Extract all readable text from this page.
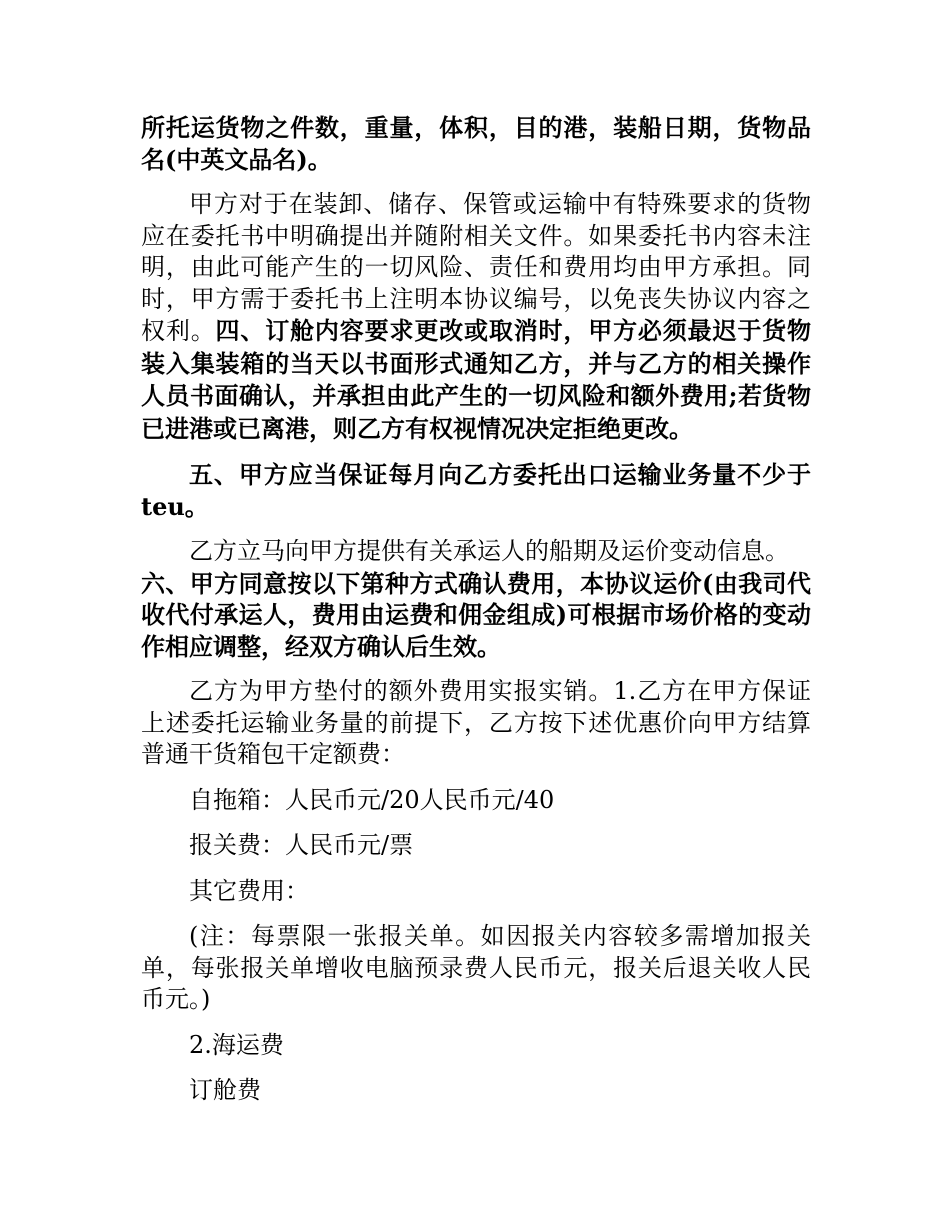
所托运货物之件数，重量，体积，目的港，装船日期，货物品名(中英文品名)。

甲方对于在装卸、储存、保管或运输中有特殊要求的货物应在委托书中明确提出并随附相关文件。如果委托书内容未注明，由此可能产生的一切风险、责任和费用均由甲方承担。同时，甲方需于委托书上注明本协议编号，以免丧失协议内容之权利。四、订舱内容要求更改或取消时，甲方必须最迟于货物装入集装箱的当天以书面形式通知乙方，并与乙方的相关操作人员书面确认，并承担由此产生的一切风险和额外费用;若货物已进港或已离港，则乙方有权视情况决定拒绝更改。

五、甲方应当保证每月向乙方委托出口运输业务量不少于teu。

乙方立马向甲方提供有关承运人的船期及运价变动信息。

六、甲方同意按以下第种方式确认费用，本协议运价(由我司代收代付承运人，费用由运费和佣金组成)可根据市场价格的变动作相应调整，经双方确认后生效。

乙方为甲方垫付的额外费用实报实销。1.乙方在甲方保证上述委托运输业务量的前提下，乙方按下述优惠价向甲方结算普通干货箱包干定额费：

自拖箱：人民币元/20人民币元/40

报关费：人民币元/票

其它费用：

(注：每票限一张报关单。如因报关内容较多需增加报关单，每张报关单增收电脑预录费人民币元，报关后退关收人民币元。)

2.海运费

订舱费
